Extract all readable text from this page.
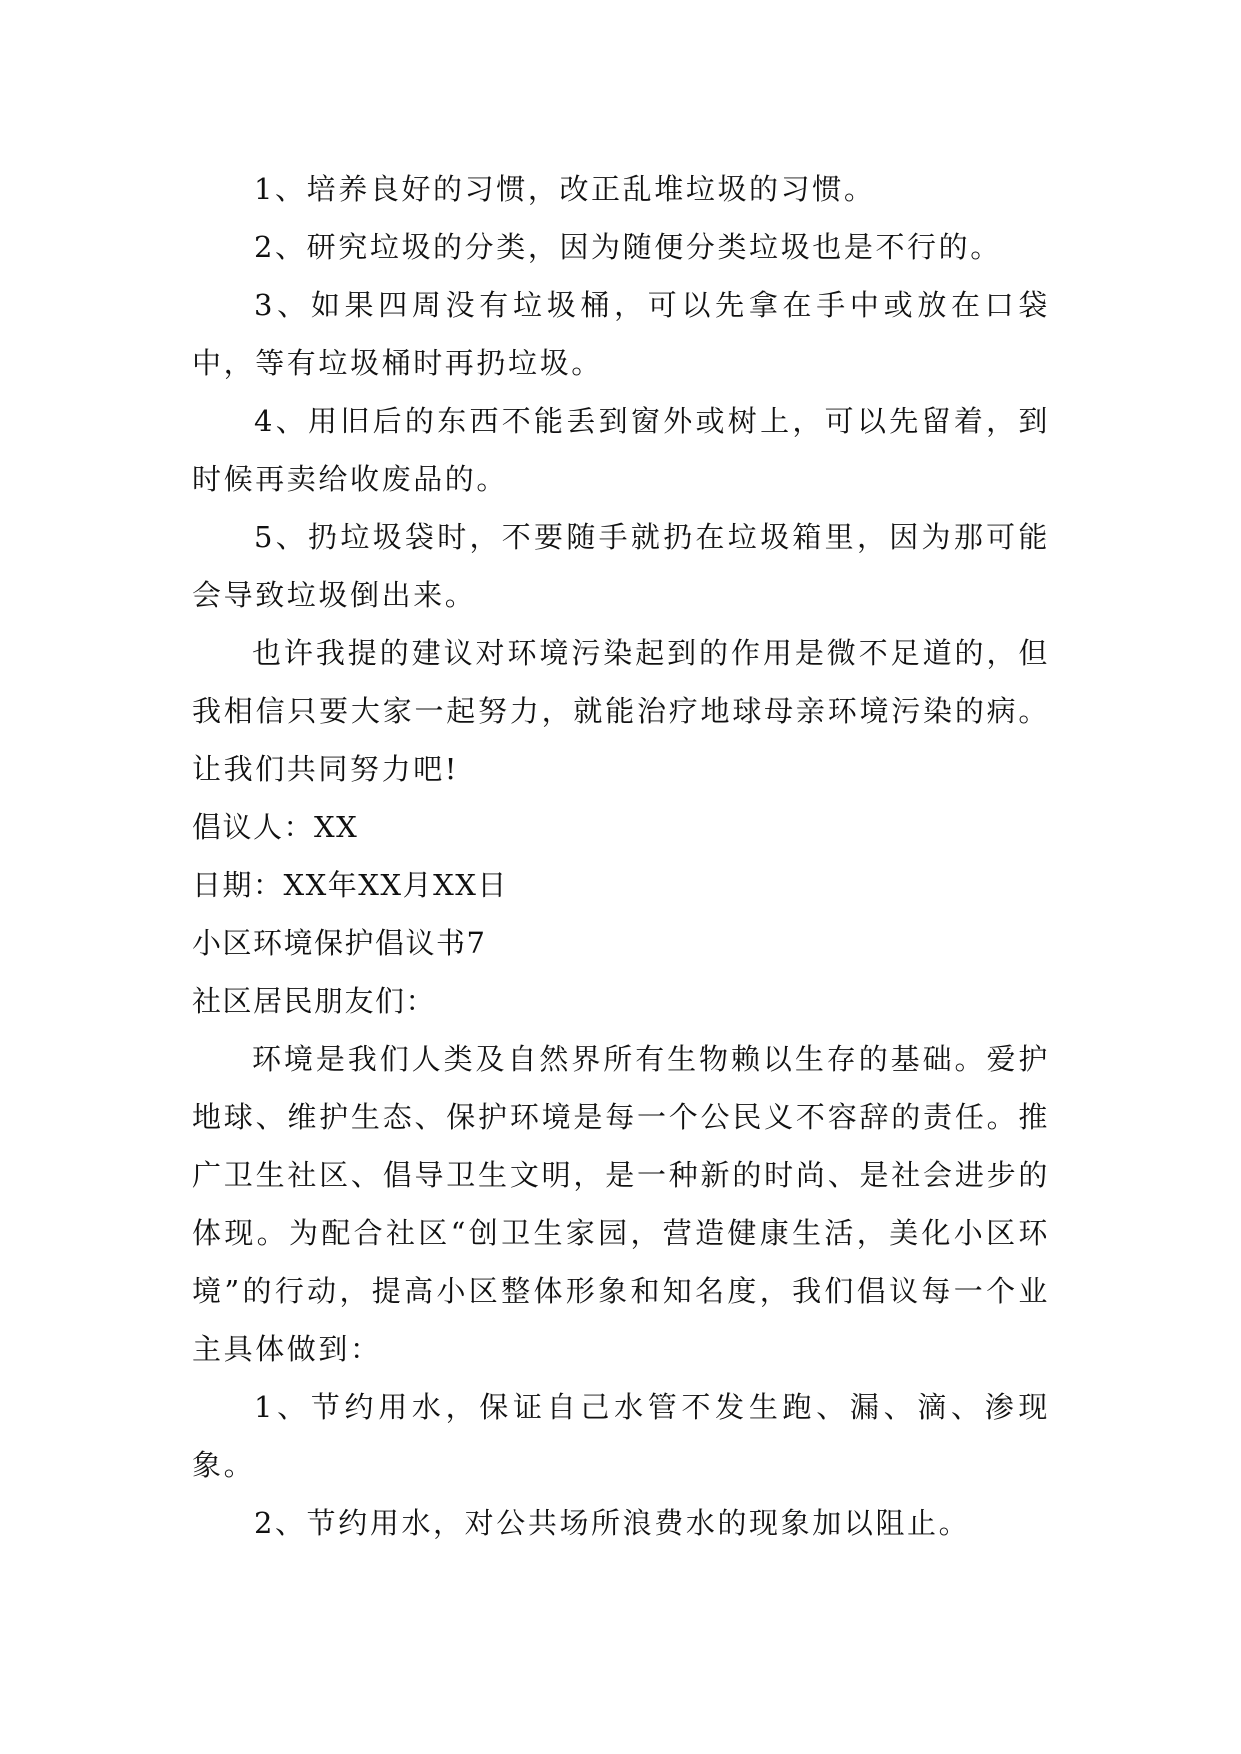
1、培养良好的习惯，改正乱堆垃圾的习惯。

2、研究垃圾的分类，因为随便分类垃圾也是不行的。

3、如果四周没有垃圾桶，可以先拿在手中或放在口袋中，等有垃圾桶时再扔垃圾。

4、用旧后的东西不能丢到窗外或树上，可以先留着，到时候再卖给收废品的。

5、扔垃圾袋时，不要随手就扔在垃圾箱里，因为那可能会导致垃圾倒出来。

也许我提的建议对环境污染起到的作用是微不足道的，但我相信只要大家一起努力，就能治疗地球母亲环境污染的病。让我们共同努力吧!

倡议人：XX

日期：XX年XX月XX日

小区环境保护倡议书7

社区居民朋友们：

环境是我们人类及自然界所有生物赖以生存的基础。爱护地球、维护生态、保护环境是每一个公民义不容辞的责任。推广卫生社区、倡导卫生文明，是一种新的时尚、是社会进步的体现。为配合社区“创卫生家园，营造健康生活，美化小区环境”的行动，提高小区整体形象和知名度，我们倡议每一个业主具体做到：

1、节约用水，保证自己水管不发生跑、漏、滴、渗现象。

2、节约用水，对公共场所浪费水的现象加以阻止。
